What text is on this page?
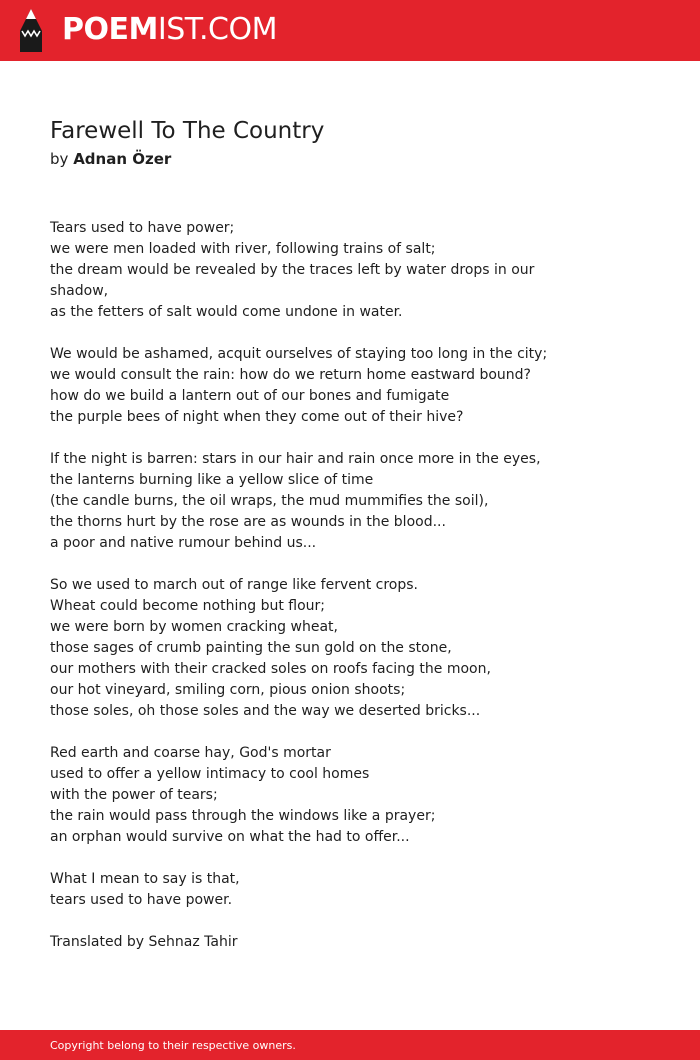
POEMIST.COM
Farewell To The Country
by Adnan Özer
Tears used to have power;
we were men loaded with river, following trains of salt;
the dream would be revealed by the traces left by water drops in our
shadow,
as the fetters of salt would come undone in water.
We would be ashamed, acquit ourselves of staying too long in the city;
we would consult the rain: how do we return home eastward bound?
how do we build a lantern out of our bones and fumigate
the purple bees of night when they come out of their hive?
If the night is barren: stars in our hair and rain once more in the eyes,
the lanterns burning like a yellow slice of time
(the candle burns, the oil wraps, the mud mummifies the soil),
the thorns hurt by the rose are as wounds in the blood...
a poor and native rumour behind us...
So we used to march out of range like fervent crops.
Wheat could become nothing but flour;
we were born by women cracking wheat,
those sages of crumb painting the sun gold on the stone,
our mothers with their cracked soles on roofs facing the moon,
our hot vineyard, smiling corn, pious onion shoots;
those soles, oh those soles and the way we deserted bricks...
Red earth and coarse hay, God's mortar
used to offer a yellow intimacy to cool homes
with the power of tears;
the rain would pass through the windows like a prayer;
an orphan would survive on what the had to offer...
What I mean to say is that,
tears used to have power.
Translated by Sehnaz Tahir
Copyright belong to their respective owners.
